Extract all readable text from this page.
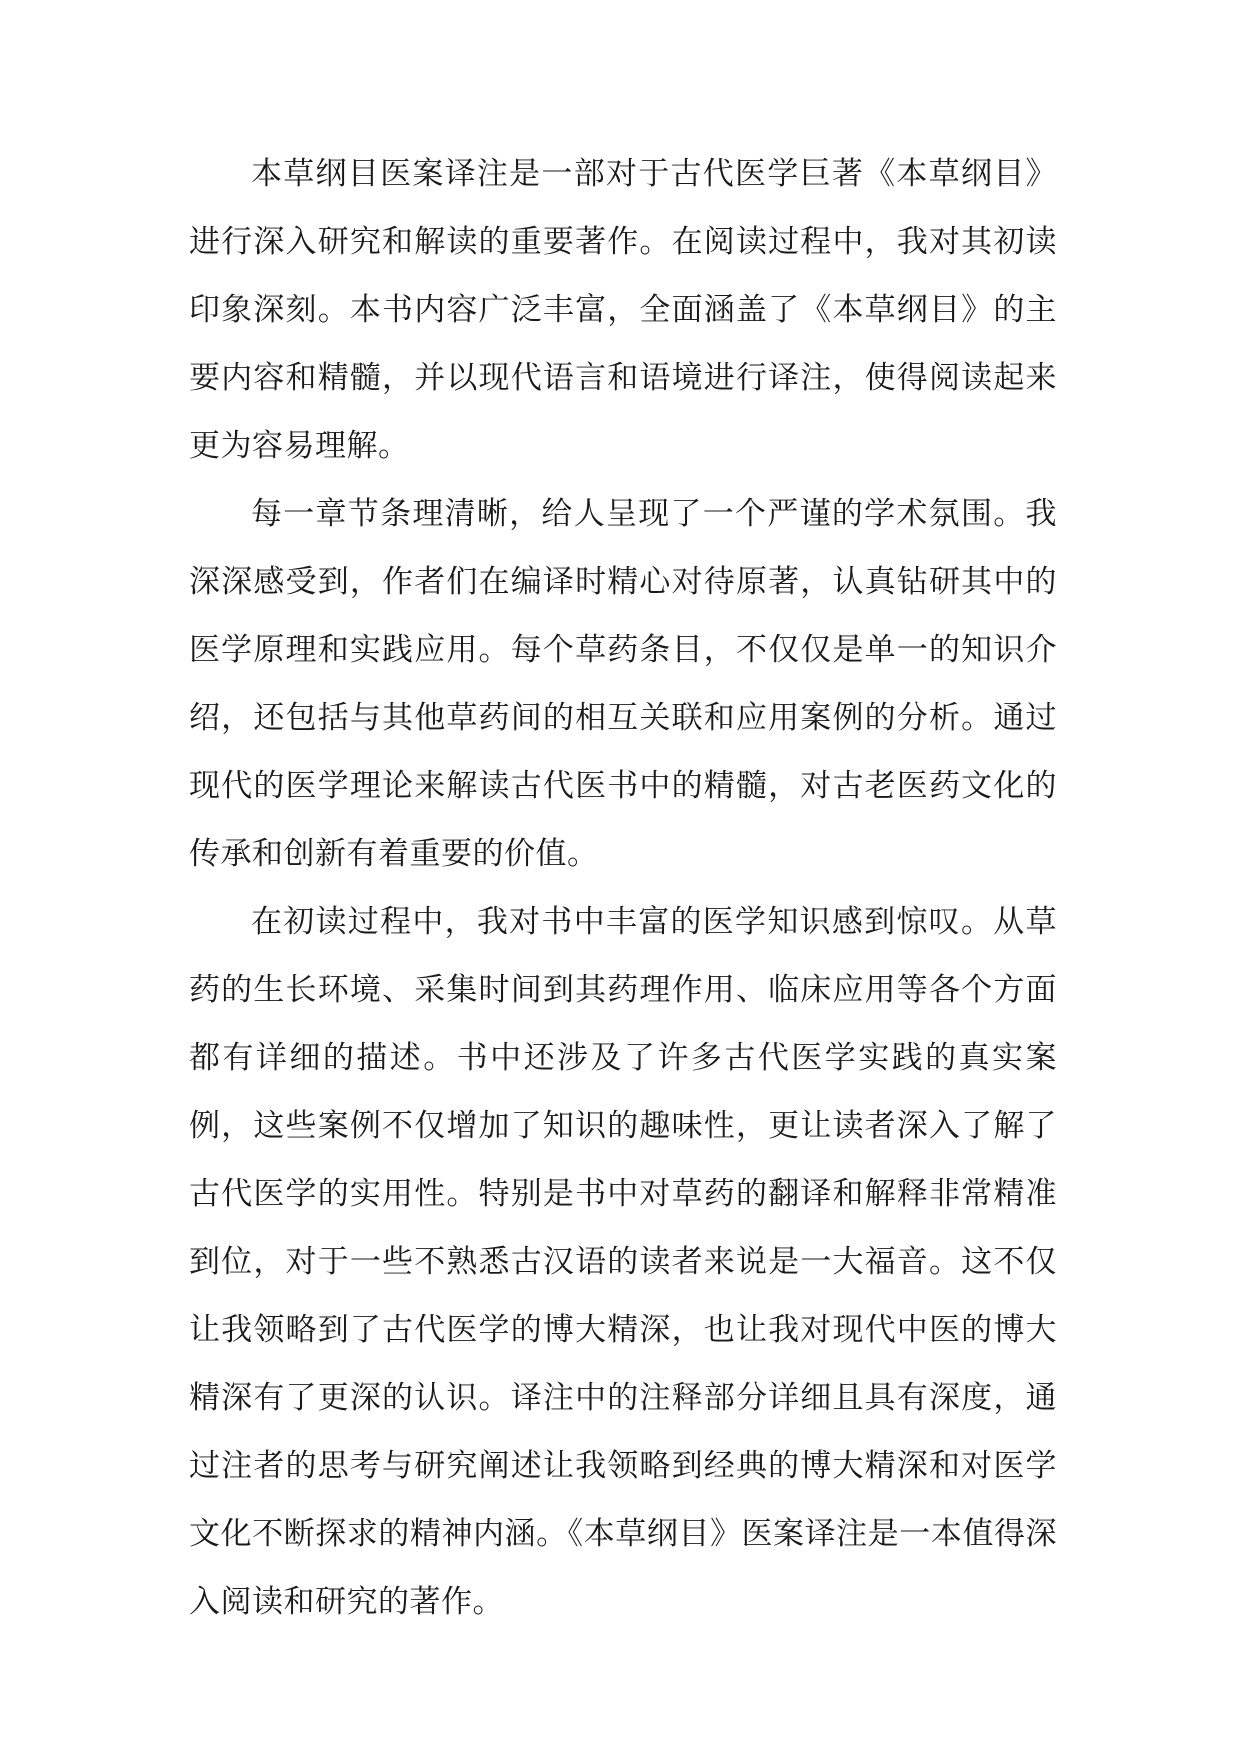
本草纲目医案译注是一部对于古代医学巨著《本草纲目》进行深入研究和解读的重要著作。在阅读过程中，我对其初读印象深刻。本书内容广泛丰富，全面涵盖了《本草纲目》的主要内容和精髓，并以现代语言和语境进行译注，使得阅读起来更为容易理解。

每一章节条理清晰，给人呈现了一个严谨的学术氛围。我深深感受到，作者们在编译时精心对待原著，认真钻研其中的医学原理和实践应用。每个草药条目，不仅仅是单一的知识介绍，还包括与其他草药间的相互关联和应用案例的分析。通过现代的医学理论来解读古代医书中的精髓，对古老医药文化的传承和创新有着重要的价值。

在初读过程中，我对书中丰富的医学知识感到惊叹。从草药的生长环境、采集时间到其药理作用、临床应用等各个方面都有详细的描述。书中还涉及了许多古代医学实践的真实案例，这些案例不仅增加了知识的趣味性，更让读者深入了解了古代医学的实用性。特别是书中对草药的翻译和解释非常精准到位，对于一些不熟悉古汉语的读者来说是一大福音。这不仅让我领略到了古代医学的博大精深，也让我对现代中医的博大精深有了更深的认识。译注中的注释部分详细且具有深度，通过注者的思考与研究阐述让我领略到经典的博大精深和对医学文化不断探求的精神内涵。《本草纲目》医案译注是一本值得深入阅读和研究的著作。
